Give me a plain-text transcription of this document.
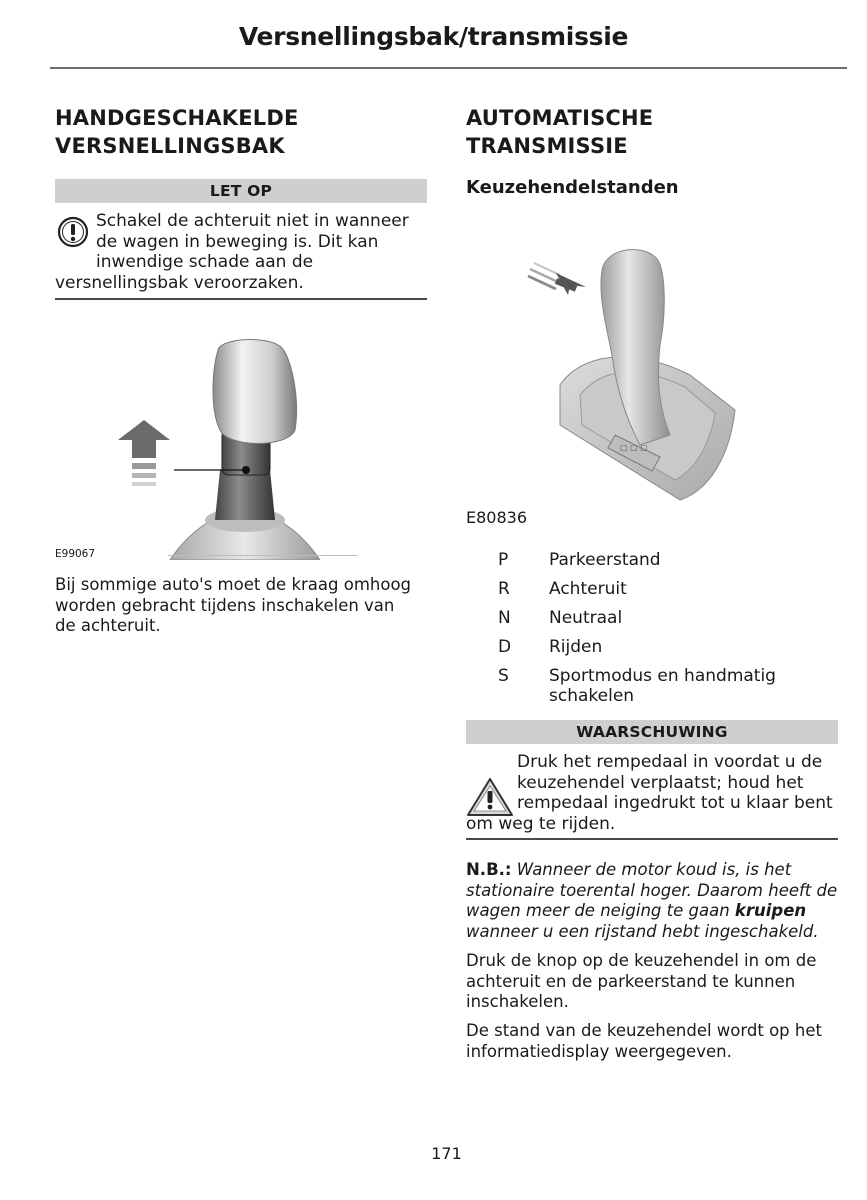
Versnellingsbak/transmissie
HANDGESCHAKELDE
VERSNELLINGSBAK
LET OP
Schakel de achteruit niet in wanneer
de wagen in beweging is. Dit kan
inwendige schade aan de
versnellingsbak veroorzaken.
E99067
Bij sommige auto's moet de kraag omhoog
worden gebracht tijdens inschakelen van
de achteruit.
AUTOMATISCHE
TRANSMISSIE
Keuzehendelstanden
▢ ▢ ▢
E80836
P	Parkeerstand
R	Achteruit
N	Neutraal
D	Rijden
S	Sportmodus en handmatig schakelen
WAARSCHUWING
Druk het rempedaal in voordat u de
keuzehendel verplaatst; houd het
rempedaal ingedrukt tot u klaar bent
om weg te rijden.
N.B.: Wanneer de motor koud is, is het stationaire toerental hoger. Daarom heeft de wagen meer de neiging te gaan kruipen wanneer u een rijstand hebt ingeschakeld.
Druk de knop op de keuzehendel in om de achteruit en de parkeerstand te kunnen inschakelen.
De stand van de keuzehendel wordt op het informatiedisplay weergegeven.
171
